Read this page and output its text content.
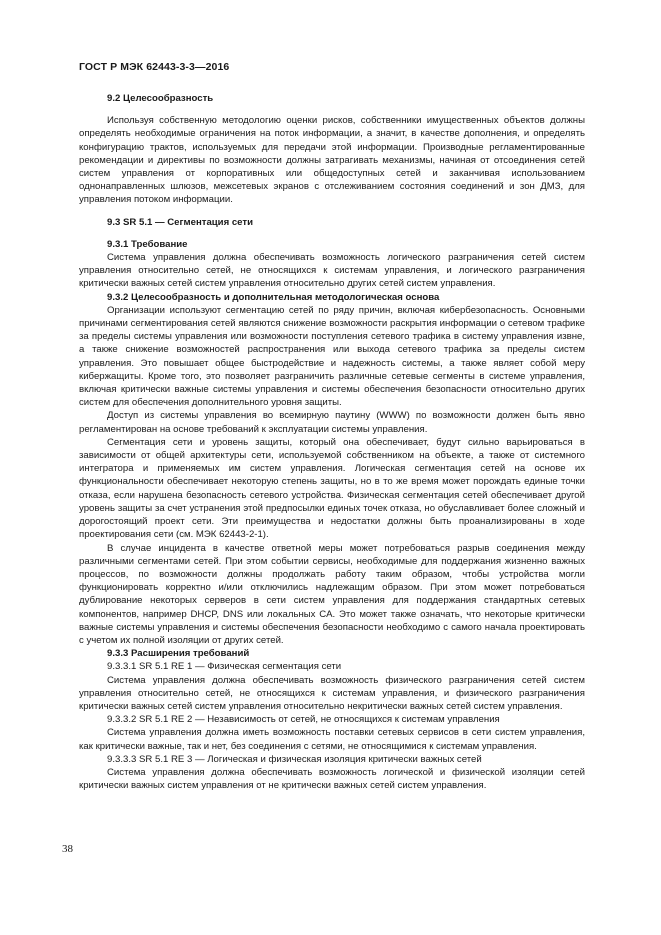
ГОСТ Р МЭК 62443-3-3—2016

9.2 Целесообразность

Используя собственную методологию оценки рисков, собственники имущественных объектов должны определять необходимые ограничения на поток информации, а значит, в качестве дополнения, и определять конфигурацию трактов, используемых для передачи этой информации. Производные регламентированные рекомендации и директивы по возможности должны затрагивать механизмы, начиная от отсоединения сетей систем управления от корпоративных или общедоступных сетей и заканчивая использованием однонаправленных шлюзов, межсетевых экранов с отслеживанием состояния соединений и зон ДМЗ, для управления потоком информации.

9.3 SR 5.1 — Сегментация сети

9.3.1 Требование

Система управления должна обеспечивать возможность логического разграничения сетей систем управления относительно сетей, не относящихся к системам управления, и логического разграничения критически важных сетей систем управления относительно других сетей систем управления.

9.3.2 Целесообразность и дополнительная методологическая основа

Организации используют сегментацию сетей по ряду причин, включая кибербезопасность. Основными причинами сегментирования сетей являются снижение возможности раскрытия информации о сетевом трафике за пределы системы управления или возможности поступления сетевого трафика в систему управления извне, а также снижение возможностей распространения или выхода сетевого трафика за пределы систем управления. Это повышает общее быстродействие и надежность системы, а также являет собой меру кибержащиты. Кроме того, это позволяет разграничить различные сетевые сегменты в системе управления, включая критически важные системы управления и системы обеспечения безопасности относительно других систем для обеспечения дополнительного уровня защиты.

Доступ из системы управления во всемирную паутину (WWW) по возможности должен быть явно регламентирован на основе требований к эксплуатации системы управления.

Сегментация сети и уровень защиты, который она обеспечивает, будут сильно варьироваться в зависимости от общей архитектуры сети, используемой собственником на объекте, а также от системного интегратора и применяемых им систем управления. Логическая сегментация сетей на основе их функциональности обеспечивает некоторую степень защиты, но в то же время может порождать единые точки отказа, если нарушена безопасность сетевого устройства. Физическая сегментация сетей обеспечивает другой уровень защиты за счет устранения этой предпосылки единых точек отказа, но обуславливает более сложный и дорогостоящий проект сети. Эти преимущества и недостатки должны быть проанализированы в ходе проектирования сети (см. МЭК 62443-2-1).

В случае инцидента в качестве ответной меры может потребоваться разрыв соединения между различными сегментами сетей. При этом событии сервисы, необходимые для поддержания жизненно важных процессов, по возможности должны продолжать работу таким образом, чтобы устройства могли функционировать корректно и/или отключились надлежащим образом. При этом может потребоваться дублирование некоторых серверов в сети систем управления для поддержания стандартных сетевых компонентов, например DHCP, DNS или локальных CA. Это может также означать, что некоторые критически важные системы управления и системы обеспечения безопасности необходимо с самого начала проектировать с учетом их полной изоляции от других сетей.

9.3.3 Расширения требований

9.3.3.1 SR 5.1 RE 1 — Физическая сегментация сети

Система управления должна обеспечивать возможность физического разграничения сетей систем управления относительно сетей, не относящихся к системам управления, и физического разграничения критически важных сетей систем управления относительно некритически важных сетей систем управления.

9.3.3.2 SR 5.1 RE 2 — Независимость от сетей, не относящихся к системам управления

Система управления должна иметь возможность поставки сетевых сервисов в сети систем управления, как критически важные, так и нет, без соединения с сетями, не относящимися к системам управления.

9.3.3.3 SR 5.1 RE 3 — Логическая и физическая изоляция критически важных сетей

Система управления должна обеспечивать возможность логической и физической изоляции сетей критически важных систем управления от не критически важных сетей систем управления.

38
